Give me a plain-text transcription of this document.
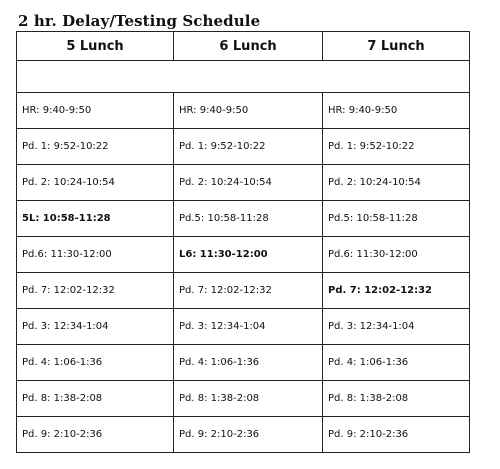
2 hr. Delay/Testing Schedule
5 Lunch	6 Lunch	7 Lunch

HR: 9:40-9:50	HR: 9:40-9:50	HR: 9:40-9:50
Pd. 1: 9:52-10:22	Pd. 1: 9:52-10:22	Pd. 1: 9:52-10:22
Pd. 2: 10:24-10:54	Pd. 2: 10:24-10:54	Pd. 2: 10:24-10:54
5L: 10:58-11:28	Pd.5: 10:58-11:28	Pd.5: 10:58-11:28
Pd.6: 11:30-12:00	L6: 11:30-12:00	Pd.6: 11:30-12:00
Pd. 7: 12:02-12:32	Pd. 7: 12:02-12:32	Pd. 7: 12:02-12:32
Pd. 3: 12:34-1:04	Pd. 3: 12:34-1:04	Pd. 3: 12:34-1:04
Pd. 4: 1:06-1:36	Pd. 4: 1:06-1:36	Pd. 4: 1:06-1:36
Pd. 8: 1:38-2:08	Pd. 8: 1:38-2:08	Pd. 8: 1:38-2:08
Pd. 9: 2:10-2:36	Pd. 9: 2:10-2:36	Pd. 9: 2:10-2:36
